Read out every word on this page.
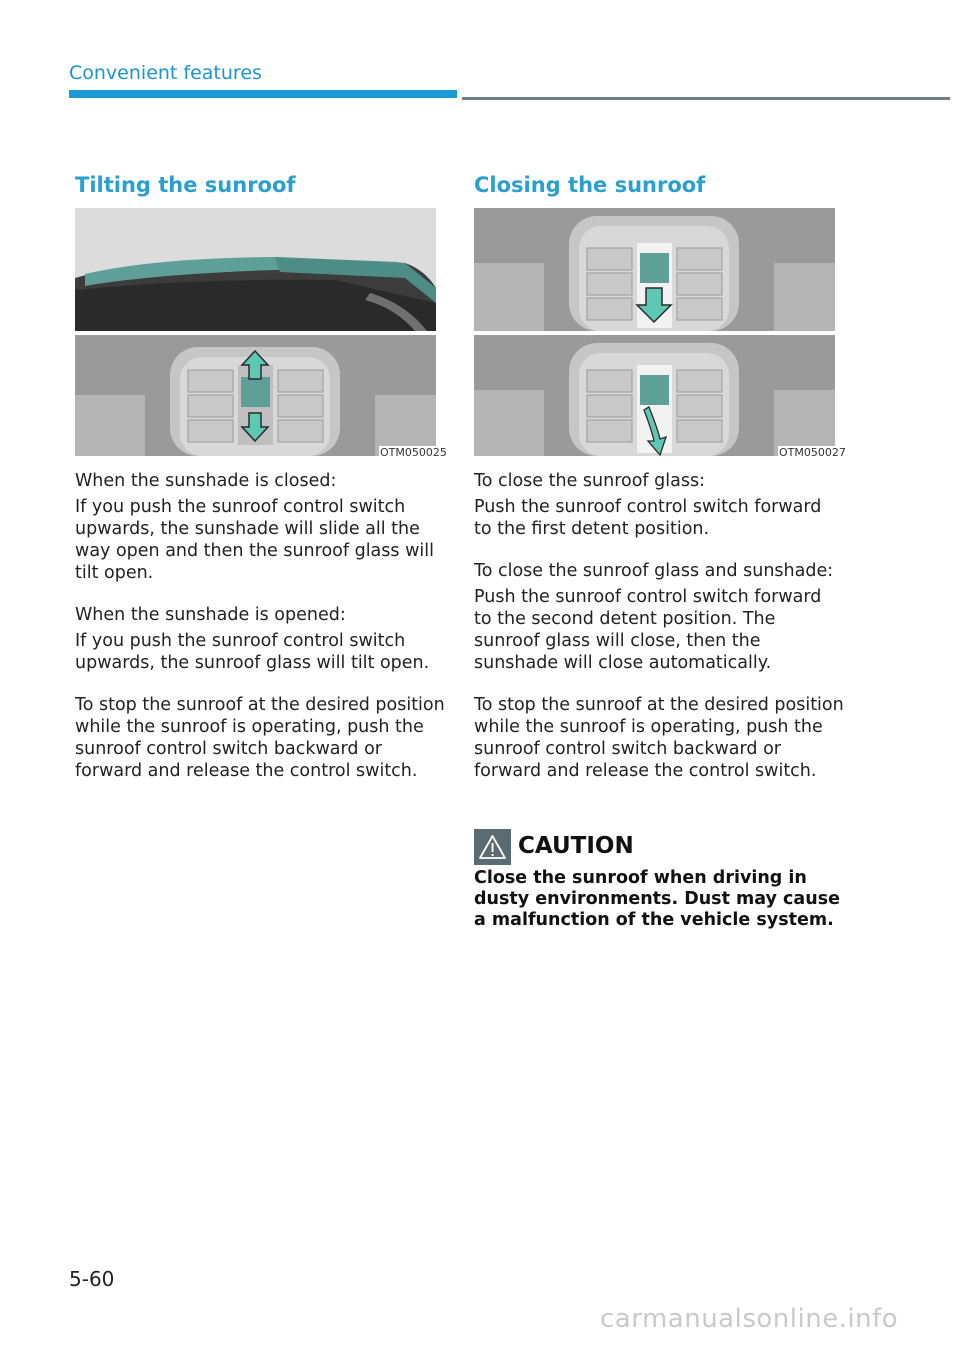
Convenient features
Tilting the sunroof
OTM050025

When the sunshade is closed:

If you push the sunroof control switch upwards, the sunshade will slide all the way open and then the sunroof glass will tilt open.

When the sunshade is opened:

If you push the sunroof control switch upwards, the sunroof glass will tilt open.

To stop the sunroof at the desired position while the sunroof is operating, push the sunroof control switch backward or forward and release the control switch.

Closing the sunroof
OTM050027

To close the sunroof glass:

Push the sunroof control switch forward to the first detent position.

To close the sunroof glass and sunshade:

Push the sunroof control switch forward to the second detent position. The sunroof glass will close, then the sunshade will close automatically.

To stop the sunroof at the desired position while the sunroof is operating, push the sunroof control switch backward or forward and release the control switch.

CAUTION
Close the sunroof when driving in dusty environments. Dust may cause a malfunction of the vehicle system.
5-60
carmanualsonline.info
